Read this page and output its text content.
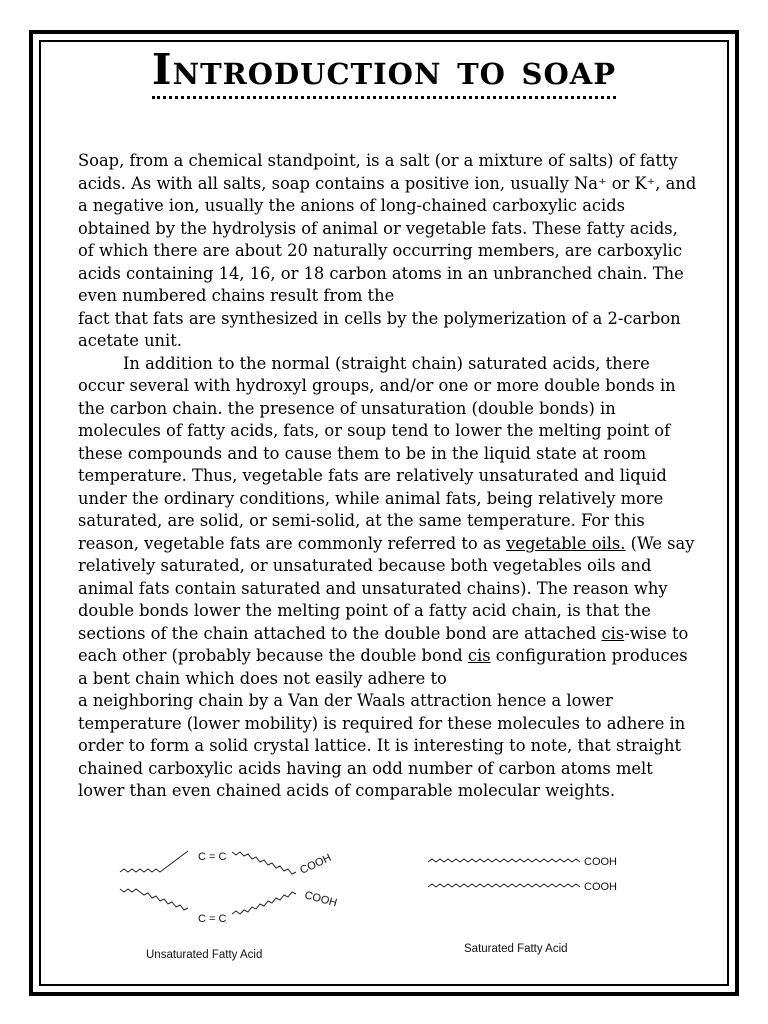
Introduction to soap

Soap, from a chemical standpoint, is a salt (or a mixture of salts) of fatty acids. As with all salts, soap contains a positive ion, usually Na⁺ or K⁺, and a negative ion, usually the anions of long-chained carboxylic acids obtained by the hydrolysis of animal or vegetable fats. These fatty acids, of which there are about 20 naturally occurring members, are carboxylic acids containing 14, 16, or 18 carbon atoms in an unbranched chain. The even numbered chains result from the

fact that fats are synthesized in cells by the polymerization of a 2-carbon acetate unit.

In addition to the normal (straight chain) saturated acids, there occur several with hydroxyl groups, and/or one or more double bonds in the carbon chain. the presence of unsaturation (double bonds) in molecules of fatty acids, fats, or soup tend to lower the melting point of these compounds and to cause them to be in the liquid state at room temperature. Thus, vegetable fats are relatively unsaturated and liquid under the ordinary conditions, while animal fats, being relatively more saturated, are solid, or semi-solid, at the same temperature. For this reason, vegetable fats are commonly referred to as vegetable oils. (We say relatively saturated, or unsaturated because both vegetables oils and animal fats contain saturated and unsaturated chains). The reason why double bonds lower the melting point of a fatty acid chain, is that the sections of the chain attached to the double bond are attached cis-wise to each other (probably because the double bond cis configuration produces a bent chain which does not easily adhere to

a neighboring chain by a Van der Waals attraction hence a lower temperature (lower mobility) is required for these molecules to adhere in order to form a solid crystal lattice. It is interesting to note, that straight chained carboxylic acids having an odd number of carbon atoms melt lower than even chained acids of comparable molecular weights.

C = C	COOH
C = C
COOH
COOH
COOH
Unsaturated Fatty Acid	Saturated Fatty Acid
